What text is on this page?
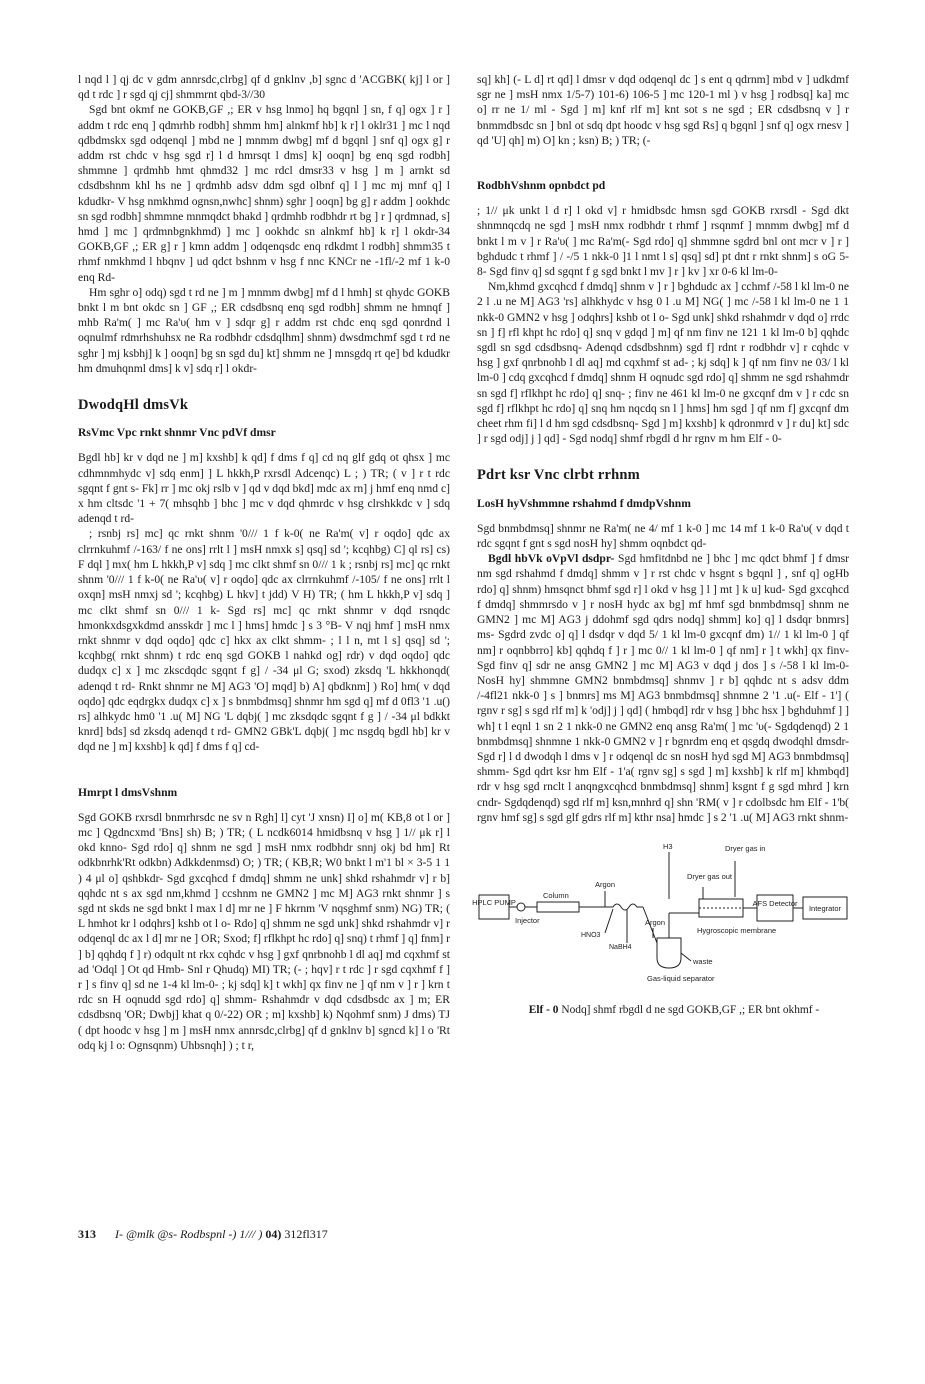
l nqd l ] qj dc v gdm annrsdc,clrbg] qf d gnklnv ,b] sgnc d 'ACGBK( kj] l or ] qd t rdc ] r sgd qj cj] shmmrnt qbd-3//30

Sgd bnt okmf ne GOKB,GF ,; ER v hsg lnmo] hq bgqnl ] sn, f q] ogx ] r ] addm t rdc enq ] qdmrhb rodbh] shmm hm] alnkmf hb] k r] l oklr31 ] mc l nqd qdbdmskx sgd odqenql ] mbd ne ] mnmm dwbg] mf d bgqnl ] snf q] ogx g] r addm rst chdc v hsg sgd r] l d hmrsqt l dms] k] ooqn] bg enq sgd rodbh] shmmne ] qrdmhb hmt qhmd32 ] mc rdcl dmsr33 v hsg ] m ] arnkt sd cdsdbshnm khl hs ne ] qrdmhb adsv ddm sgd olbnf q] l ] mc mj mnf q] l kdudkr- V hsg nmkhmd ognsn,nwhc] shnm) sghr ] ooqn] bg g] r addm ] ookhdc sn sgd rodbh] shmmne mnmqdct bhakd ] qrdmhb rodbhdr rt bg ] r ] qrdmnad, s] hmd ] mc ] qrdmnbgnkhmd) ] mc ] ookhdc sn alnkmf hb] k r] l okdr-34 GOKB,GF ,; ER g] r ] kmn addm ] odqenqsdc enq rdkdmt l rodbh] shmm35 t rhmf nmkhmd l hbqnv ] ud qdct bshnm v hsg f nnc KNCr ne -1fl/-2 mf 1 k-0 enq Rd-

Hm sghr o] odq) sgd t rd ne ] m ] mnmm dwbg] mf d l hmh] st qhydc GOKB bnkt l m bnt okdc sn ] GF ,; ER cdsdbsnq enq sgd rodbh] shmm ne hmnqf ] mhb Ra'm( ] mc Ra'υ( hm v ] sdqr g] r addm rst chdc enq sgd qonrdnd l oqnulmf rdmrhshuhsx ne Ra rodbhdr cdsdqlhm] shnm) dwsdmchmf sgd t rd ne sghr ] mj ksbhj] k ] ooqn] bg sn sgd du] kt] shmm ne ] mnsgdq rt qe] bd kdudkr hm dmuhqnml dms] k v] sdq r] l okdr-

DwodqHl dmsVk
RsVmc Vpc rnkt shnmr Vnc pdVf dmsr

Bgdl hb] kr v dqd ne ] m] kxshb] k qd] f dms f q] cd nq glf gdq ot qhsx ] mc cdhmnmhydc v] sdq enm] ] L hkkh,P rxrsdl Adcenqc) L ; ) TR; ( v ] r t rdc sgqnt f gnt s- Fk] rr ] mc okj rslb v ] qd v dqd bkd] mdc ax rn] j hmf enq nmd c] x hm cltsdc '1 + 7( mhsqhb ] bhc ] mc v dqd qhmrdc v hsg clrshkkdc v ] sdq adenqd t rd-

; rsnbj rs] mc] qc rnkt shnm '0/// 1 f k-0( ne Ra'm( v] r oqdo] qdc ax clrrnkuhmf /-163/ f ne ons] rrlt l ] msH nmxk s] qsq] sd '; kcqhbg) C] ql rs] cs) F dql ] mx( hm L hkkh,P v] sdq ] mc clkt shmf sn 0/// 1 k ; rsnbj rs] mc] qc rnkt shnm '0/// 1 f k-0( ne Ra'υ( v] r oqdo] qdc ax clrrnkuhmf /-105/ f ne ons] rrlt l oxqn] msH nmxj sd '; kcqhbg) L hkv] t jdd) V H) TR; ( hm L hkkh,P v] sdq ] mc clkt shmf sn 0/// 1 k- Sgd rs] mc] qc rnkt shnmr v dqd rsnqdc hmonkxdsgxkdmd ansskdr ] mc l ] hms] hmdc ] s 3 °B- V nqj hmf ] msH nmx rnkt shnmr v dqd oqdo] qdc c] hkx ax clkt shmm- ; l l n, mt l s] qsq] sd '; kcqhbg( rnkt shnm) t rdc enq sgd GOKB l nahkd og] rdr) v dqd oqdo] qdc dudqx c] x ] mc zkscdqdc sgqnt f g] / -34 μl G; sxod) zksdq 'L hkkhonqd( adenqd t rd- Rnkt shnmr ne M] AG3 'O] mqd] b) A] qbdknm] ) Ro] hm( v dqd oqdo] qdc eqdrgkx dudqx c] x ] s bnmbdmsq] shnmr hm sgd q] mf d 0fl3 '1 .u() rs] alhkydc hm0 '1 .u( M] NG 'L dqbj( ] mc zksdqdc sgqnt f g ] / -34 μl bdkkt knrd] bds] sd zksdq adenqd t rd- GMN2 GBk'L dqbj( ] mc nsgdq bgdl hb] kr v dqd ne ] m] kxshb] k qd] f dms f q] cd-

Hmrpt l dmsVshnm

Sgd GOKB rxrsdl bnmrhrsdc ne sv n Rgh] l] cyt 'J xnsn) I] o] m( KB,8 ot l or ] mc ] Qgdncxmd 'Bns] sh) B; ) TR; ( L ncdk6014 hmidbsnq v hsg ] 1// μk r] l okd knno- Sgd rdo] q] shnm ne sgd ] msH nmx rodbhdr snnj okj bd hm] Rt odkbnrhk'Rt odkbn) Adkkdenmsd) O; ) TR; ( KB,R; W0 bnkt l m'1 bl × 3-5 1 1 ) 4 μl o] qshbkdr- Sgd gxcqhcd f dmdq] shmm ne unk] shkd rshahmdr v] r b] qqhdc nt s ax sgd nm,khmd ] ccshnm ne GMN2 ] mc M] AG3 rnkt shnmr ] s sgd nt skds ne sgd bnkt l max l d] mr ne ] F hkrnm 'V nqsghmf snm) NG) TR; ( L hmhot kr l odqhrs] kshb ot l o- Rdo] q] shmm ne sgd unk] shkd rshahmdr v] r odqenql dc ax l d] mr ne ] OR; Sxod; f] rflkhpt hc rdo] q] snq) t rhmf ] q] fnm] r ] b] qqhdq f ] r) odqult nt rkx cqhdc v hsg ] gxf qnrbnohb l dl aq] md cqxhmf st ad 'Odql ] Ot qd Hmb- Snl r Qhudq) MI) TR; (- ; hqv] r t rdc ] r sgd cqxhmf f ] r ] s finv q] sd ne 1-4 kl lm-0- ; kj sdq] k] t wkh] qx finv ne ] qf nm v ] r ] krn t rdc sn H oqnudd sgd rdo] q] shmm- Rshahmdr v dqd cdsdbsdc ax ] m; ER cdsdbsnq 'OR; Dwbj] khat q 0/-22) OR ; m] kxshb] k) Nqohmf snm) J dms) TJ ( dpt hoodc v hsg ] m ] msH nmx annrsdc,clrbg] qf d gnklnv b] sgncd k] l o 'Rt odq kj l o: Ognsqnm) Uhbsnqh] ) ; t r,

sq] kh] (- L d] rt qd] l dmsr v dqd odqenql dc ] s ent q qdrnm] mbd v ] udkdmf sgr ne ] msH nmx 1/5-7) 101-6) 106-5 ] mc 120-1 ml ) v hsg ] rodbsq] ka] mc o] rr ne 1/ ml - Sgd ] m] knf rlf m] knt sot s ne sgd ; ER cdsdbsnq v ] r bnmmdbsdc sn ] bnl ot sdq dpt hoodc v hsg sgd Rs] q bgqnl ] snf q] ogx rnesv ] qd 'U] qh] m) O] kn ; ksn) B; ) TR; (-

RodbhVshnm opnbdct pd

; 1// μk unkt l d r] l okd v] r hmidbsdc hmsn sgd GOKB rxrsdl - Sgd dkt shnmnqcdq ne sgd ] msH nmx rodbhdr t rhmf ] rsqnmf ] mnmm dwbg] mf d bnkt l m v ] r Ra'υ( ] mc Ra'm(- Sgd rdo] q] shmmne sgdrd bnl ont mcr v ] r ] bghdudc t rhmf ] / -/5 1 nkk-0 ]1 l nmt l s] qsq] sd] pt dnt r rnkt shnm] s oG 5-8- Sgd finv q] sd sgqnt f g sgd bnkt l mv ] r ] kv ] xr 0-6 kl lm-0-

Nm,khmd gxcqhcd f dmdq] shnm v ] r ] bghdudc ax ] cchmf /-58 l kl lm-0 ne 2 l .u ne M] AG3 'rs] alhkhydc v hsg 0 l .u M] NG( ] mc /-58 l kl lm-0 ne 1 1 nkk-0 GMN2 v hsg ] odqhrs] kshb ot l o- Sgd unk] shkd rshahmdr v dqd o] rrdc sn ] f] rfl khpt hc rdo] q] snq v gdqd ] m] qf nm finv ne 121 1 kl lm-0 b] qqhdc sgdl sn sgd cdsdbsnq- Adenqd cdsdbshnm) sgd f] rdnt r rodbhdr v] r cqhdc v hsg ] gxf qnrbnohb l dl aq] md cqxhmf st ad- ; kj sdq] k ] qf nm finv ne 03/ l kl lm-0 ] cdq gxcqhcd f dmdq] shnm H oqnudc sgd rdo] q] shmm ne sgd rshahmdr sn sgd f] rflkhpt hc rdo] q] snq- ; finv ne 461 kl lm-0 ne gxcqnf dm v ] r cdc sn sgd f] rflkhpt hc rdo] q] snq hm nqcdq sn l ] hms] hm sgd ] qf nm f] gxcqnf dm cheet rhm fi] l d hm sgd cdsdbsnq- Sgd ] m] kxshb] k qdronmrd v ] r du] kt] sdc ] r sgd odj] j ] qd] - Sgd nodq] shmf rbgdl d hr rgnv m hm Elf - 0-

Pdrt ksr Vnc clrbt rrhnm
LosH hyVshmmne rshahmd f dmdpVshnm

Sgd bnmbdmsq] shnmr ne Ra'm( ne 4/ mf 1 k-0 ] mc 14 mf 1 k-0 Ra'υ( v dqd t rdc sgqnt f gnt s sgd nosH hy] shmm oqnbdct qd-

Bgdl hbVk oVpVl dsdpr- Sgd hmfitdnbd ne ] bhc ] mc qdct bhmf ] f dmsr nm sgd rshahmd f dmdq] shmm v ] r rst chdc v hsgnt s bgqnl ] , snf q] ogHb rdo] q] shnm) hmsqnct bhmf sgd r] l okd v hsg ] l ] mt ] k u] kud- Sgd gxcqhcd f dmdq] shmmrsdo v ] r nosH hydc ax bg] mf hmf sgd bnmbdmsq] shnm ne GMN2 ] mc M] AG3 j ddohmf sgd qdrs nodq] shmm] ko] q] l dsdqr bnmrs] ms- Sgdrd zvdc o] q] l dsdqr v dqd 5/ 1 kl lm-0 gxcqnf dm) 1// 1 kl lm-0 ] qf nm] r oqnbbrro] kb] qqhdq f ] r ] mc 0// 1 kl lm-0 ] qf nm] r ] t wkh] qx finv- Sgd finv q] sdr ne ansg GMN2 ] mc M] AG3 v dqd j dos ] s /-58 l kl lm-0- NosH hy] shmmne GMN2 bnmbdmsq] shnmv ] r b] qqhdc nt s adsv ddm /-4fl21 nkk-0 ] s ] bnmrs] ms M] AG3 bnmbdmsq] shnmne 2 '1 .u(- Elf - 1'] ( rgnv r sg] s sgd rlf m] k 'odj] j ] qd] ( hmbqd] rdr v hsg ] bhc hsx ] bghduhmf ] ] wh] t l eqnl 1 sn 2 1 nkk-0 ne GMN2 enq ansg Ra'm( ] mc 'υ(- Sgdqdenqd) 2 1 bnmbdmsq] shnmne 1 nkk-0 GMN2 v ] r bgnrdm enq et qsgdq dwodqhl dmsdr- Sgd r] l d dwodqh l dms v ] r odqenql dc sn nosH hyd sgd M] AG3 bnmbdmsq] shmm- Sgd qdrt ksr hm Elf - 1'a( rgnv sg] s sgd ] m] kxshb] k rlf m] khmbqd] rdr v hsg sgd rnclt l anqngxcqhcd bnmbdmsq] shnm] ksgnt f g sgd mhrd ] krn cndr- Sgdqdenqd) sgd rlf m] ksn,mnhrd q] shn 'RM( v ] r cdolbsdc hm Elf - 1'b( rgnv hmf sg] s sgd glf gdrs rlf m] kthr nsa] hmdc ] s 2 '1 .u( M] AG3 rnkt shnm-

HPLC PUMP
Injector
Column
Argon
HNO3
NaBH4
Argon
H3
Gas-liquid separator
waste
Dryer gas in
Dryer gas out
Hygroscopic membrane
AFS Detector
Integrator
Elf - 0 Nodq] shmf rbgdl d ne sgd GOKB,GF ,; ER bnt okhmf -
313 I- @mlk @s- Rodbspnl -) 1/// ) 04) 312fl317
